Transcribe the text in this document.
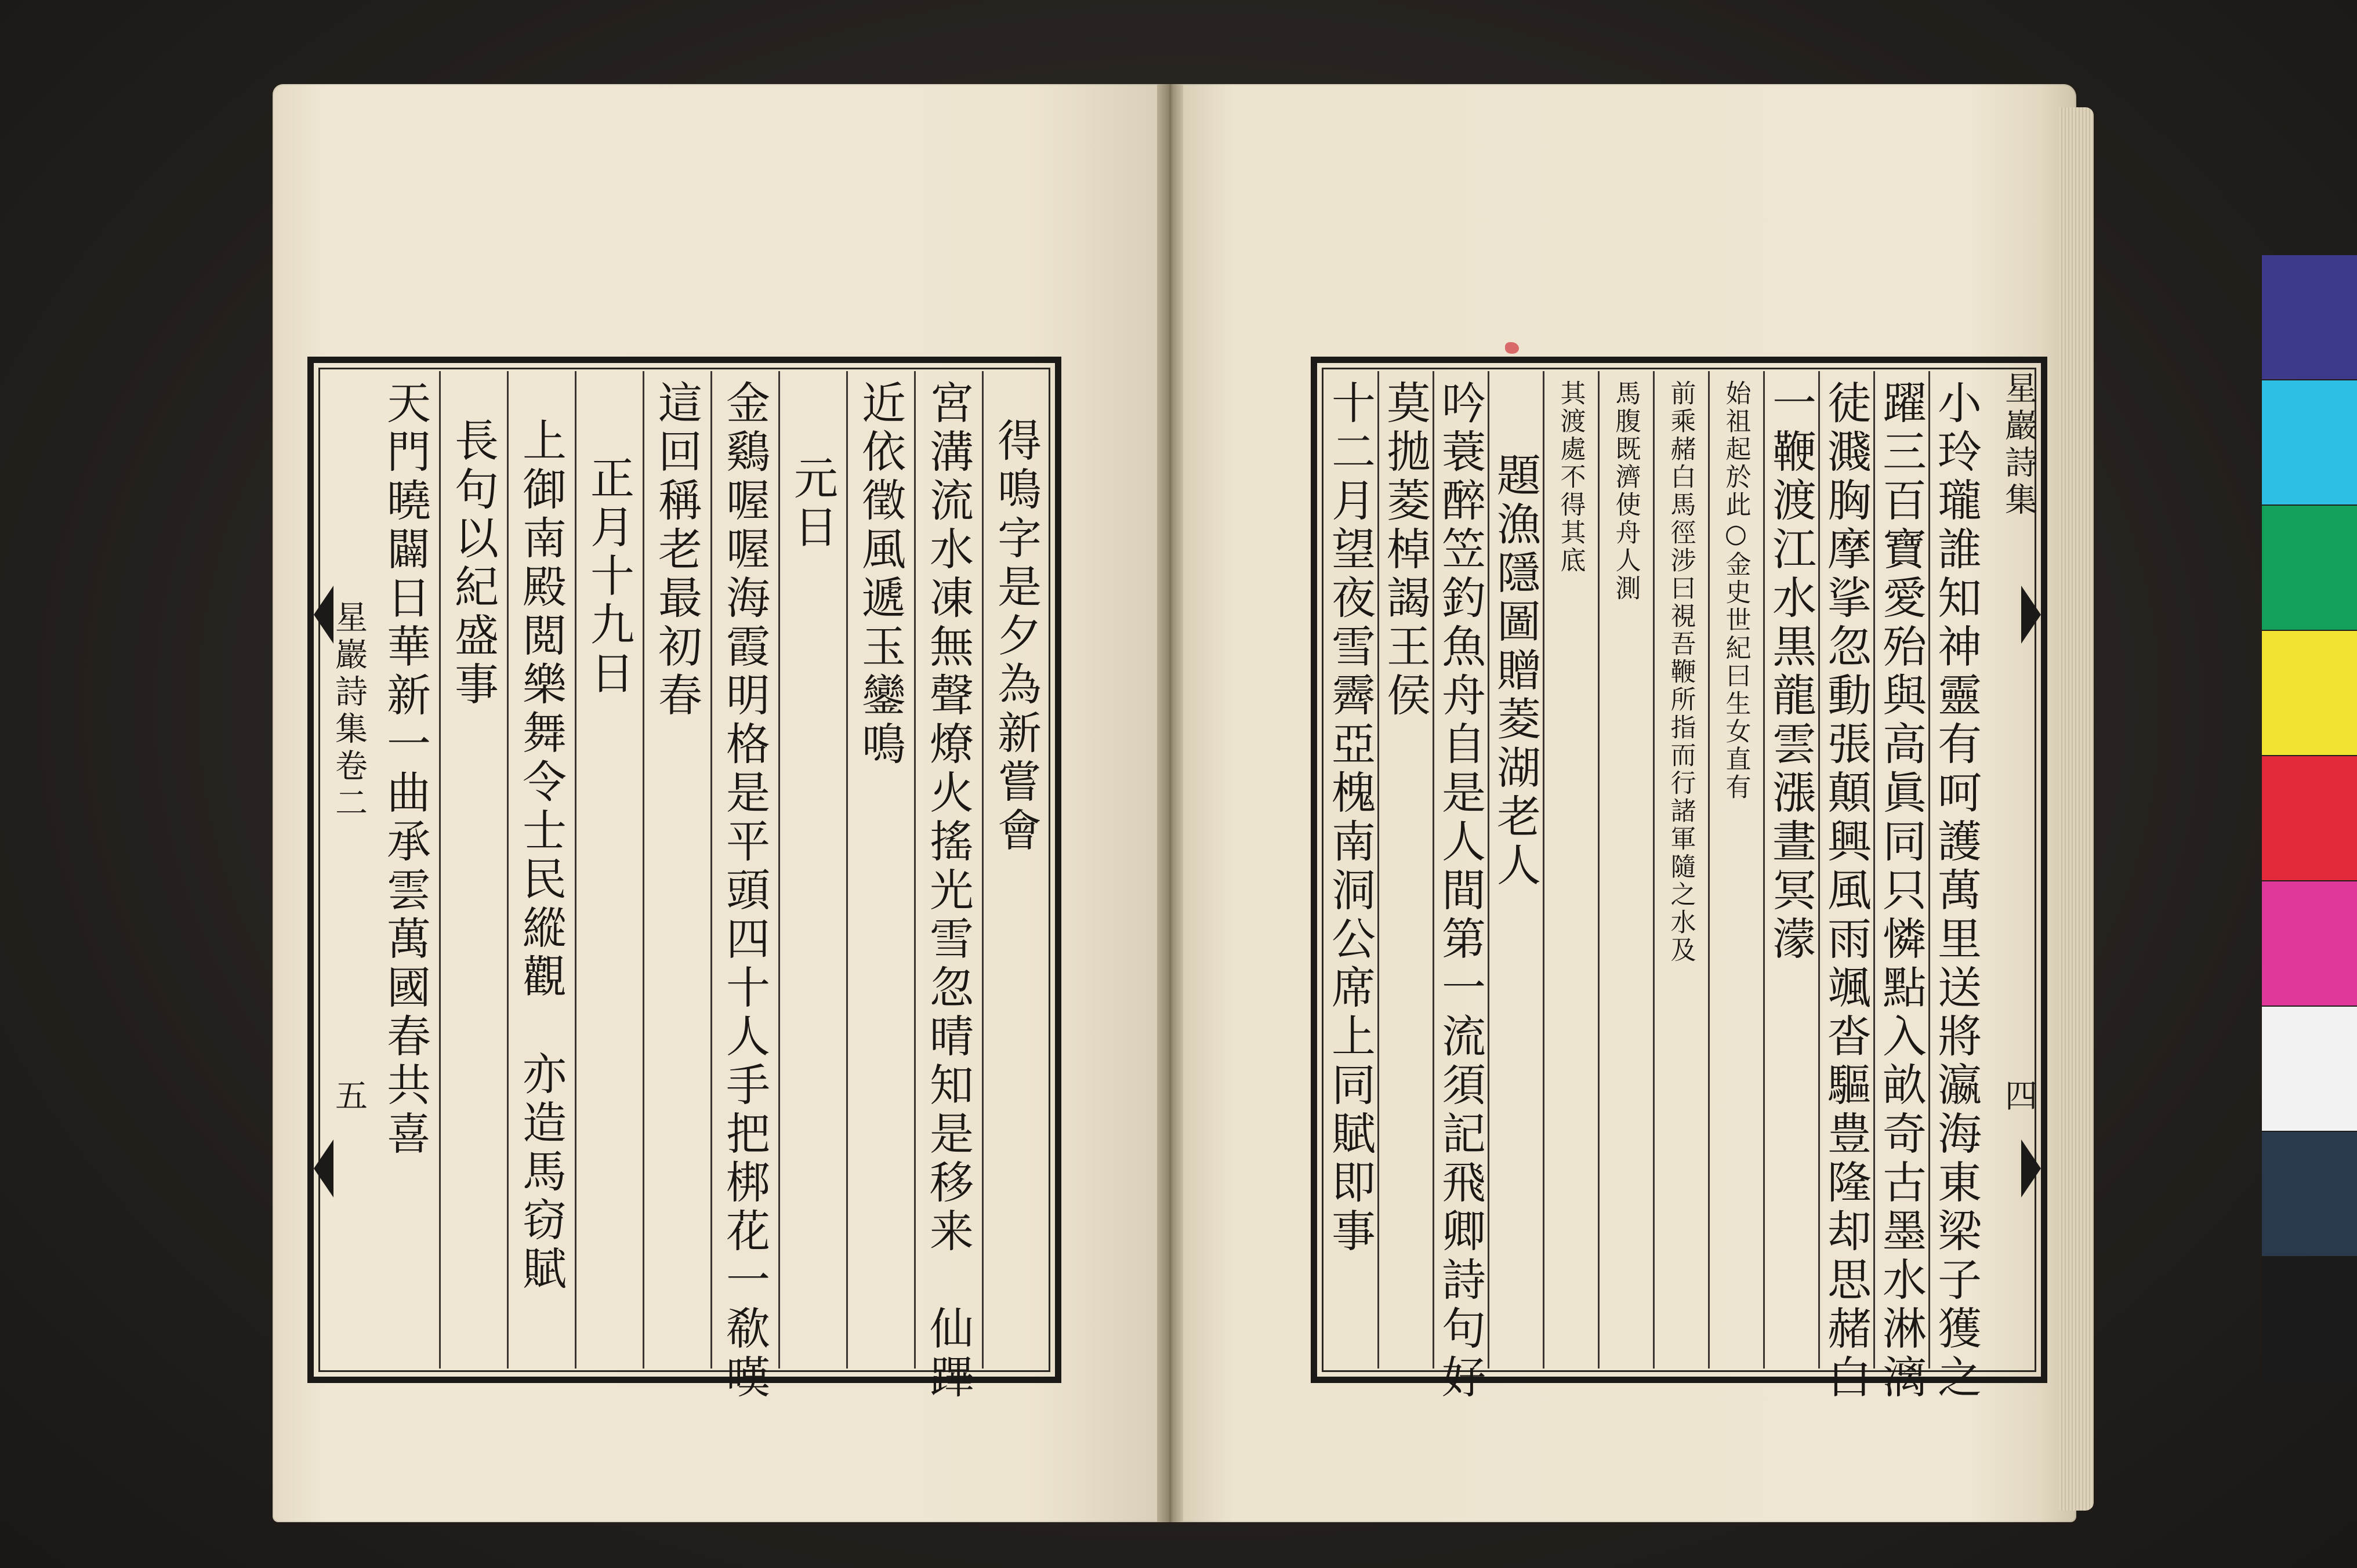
得鳴字是夕為新嘗會
宮溝流水凍無聲燎火搖光雪忽晴知是移来　仙蹕
近依徵風遞玉鑾鳴
元日
金鷄喔喔海霞明格是平頭四十人手把梆花一欷嘆
這回稱老最初春
正月十九日
上御南殿閲樂舞令士民縱觀　亦造馬窃賦
長句以紀盛事
天門曉闢日華新一曲承雲萬國春共喜
星巖詩集卷二
五	小玲瓏誰知神靈有呵護萬里送將瀛海東梁子獲之
躍三百寶愛殆與高眞同只憐點入畝奇古墨水淋漓
徒濺胸摩挲忽動張顛興風雨颯沓驅豊隆却思赭白
一鞭渡江水黒龍雲漲晝冥濛
始祖起於此○金史世紀曰生女直有
前乘赭白馬徑涉曰視吾鞭所指而行諸軍隨之水及
馬腹既濟使舟人測
其渡處不得其底
題漁隱圖贈菱湖老人
吟蓑醉笠釣魚舟自是人間第一流須記飛卿詩句好
莫拋菱棹謁王侯
十二月望夜雪霽亞槐南洞公席上同賦即事	星巖詩集
四
